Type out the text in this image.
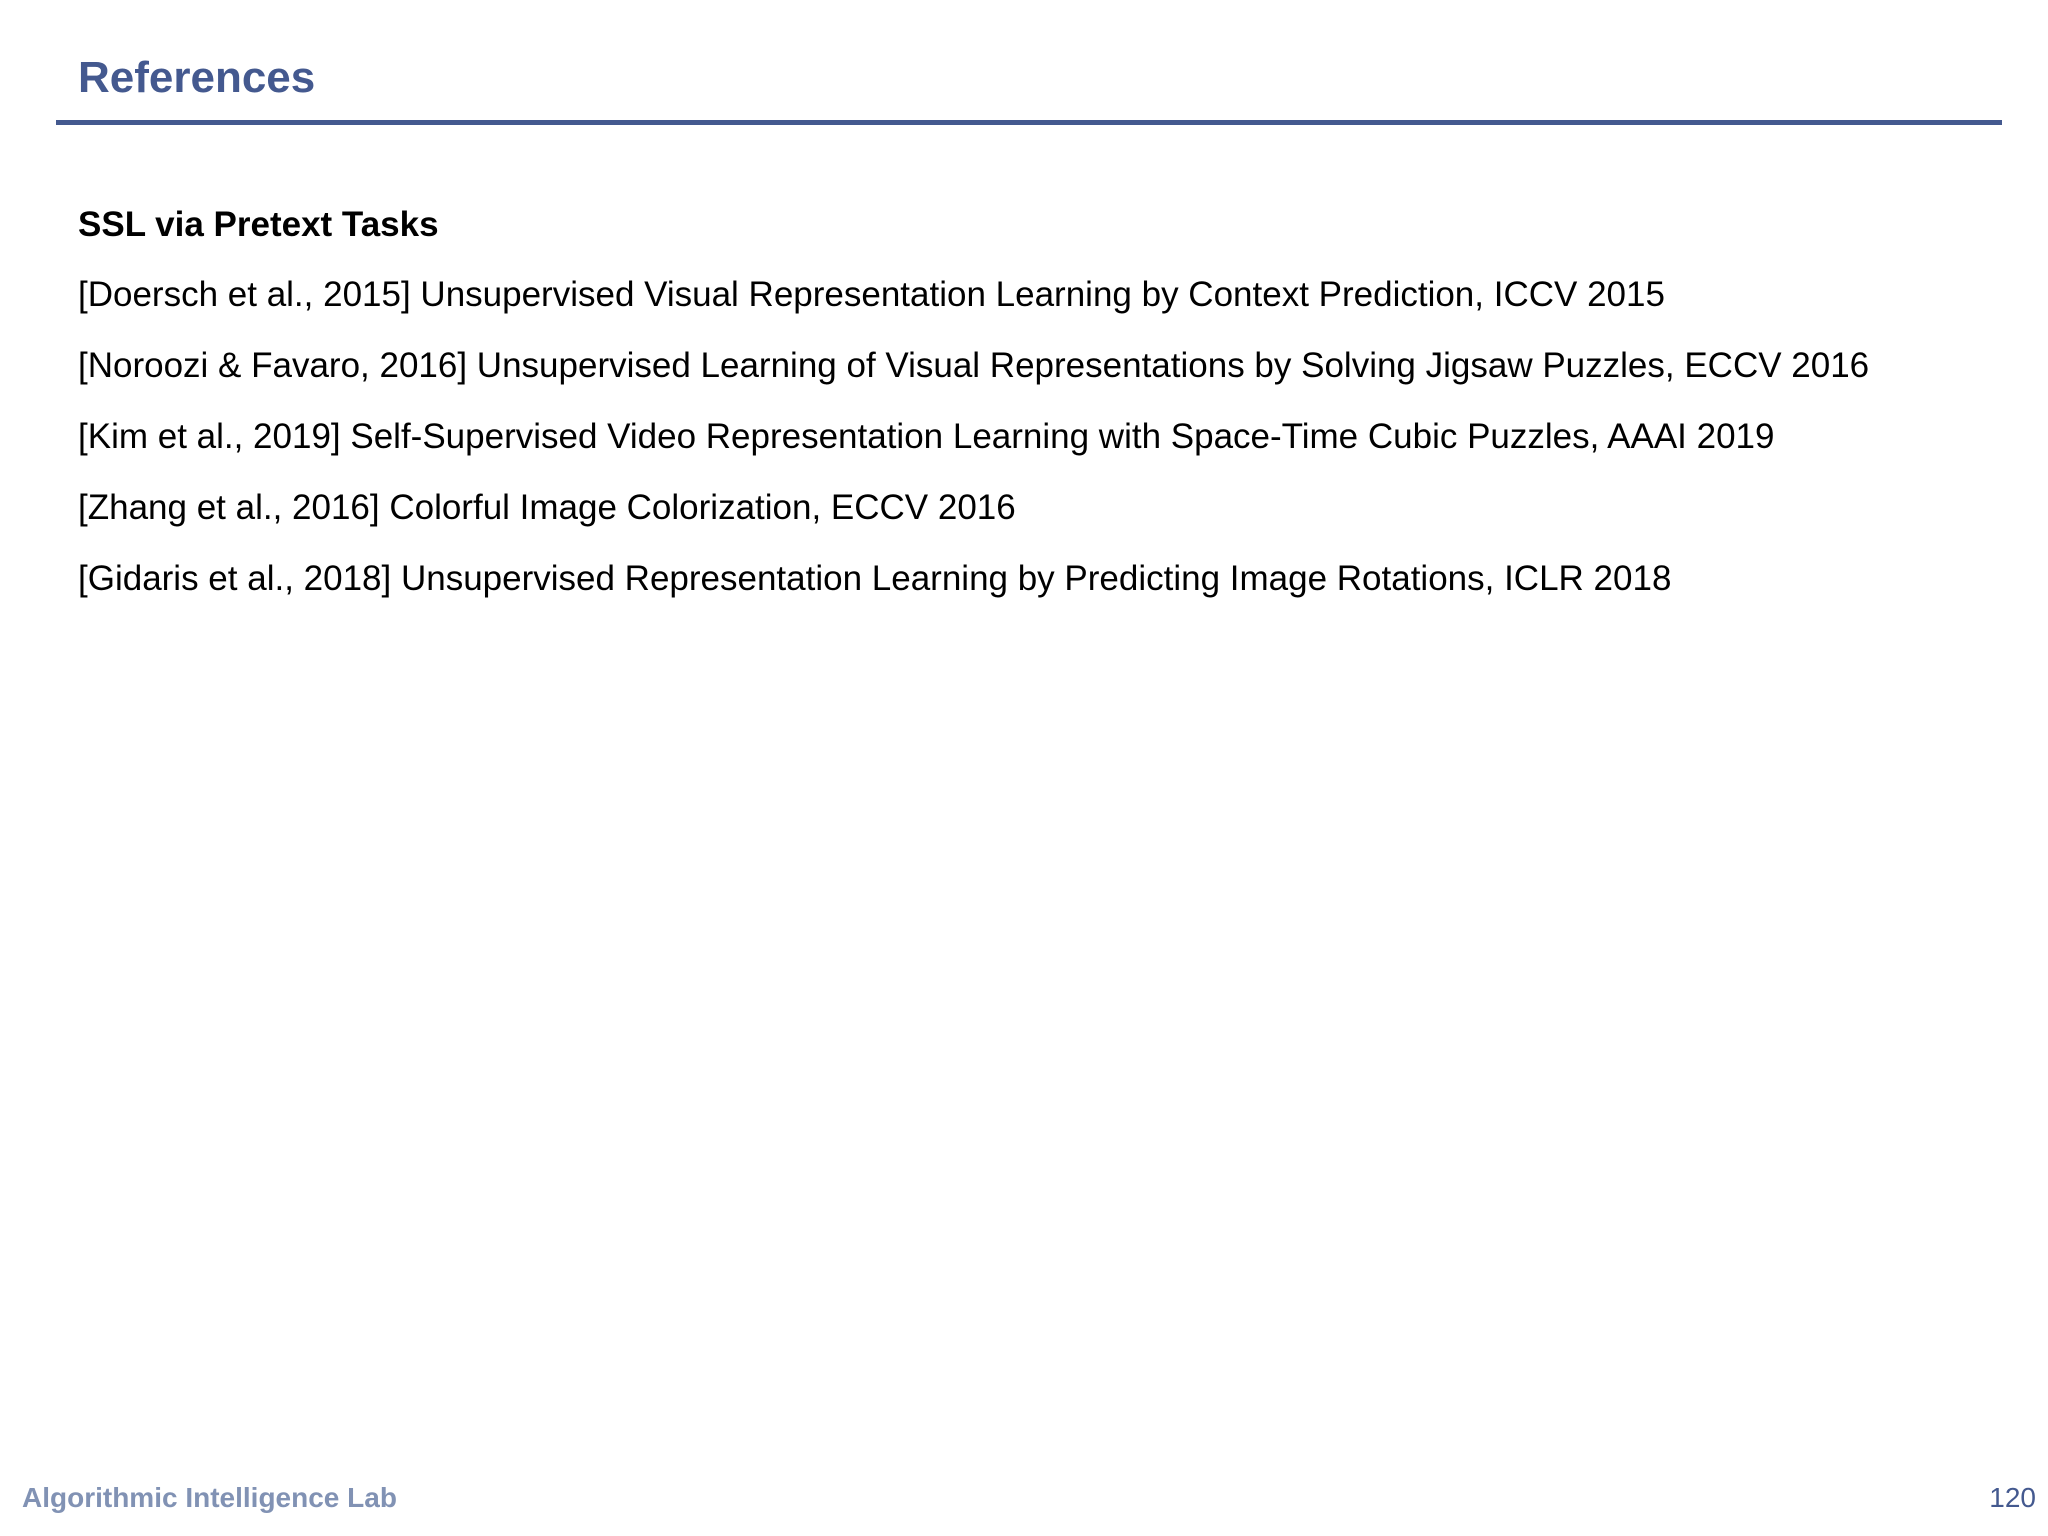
References
SSL via Pretext Tasks
[Doersch et al., 2015] Unsupervised Visual Representation Learning by Context Prediction, ICCV 2015
[Noroozi & Favaro, 2016] Unsupervised Learning of Visual Representations by Solving Jigsaw Puzzles, ECCV 2016
[Kim et al., 2019] Self-Supervised Video Representation Learning with Space-Time Cubic Puzzles, AAAI 2019
[Zhang et al., 2016] Colorful Image Colorization, ECCV 2016
[Gidaris et al., 2018] Unsupervised Representation Learning by Predicting Image Rotations, ICLR 2018
Algorithmic Intelligence Lab	120
